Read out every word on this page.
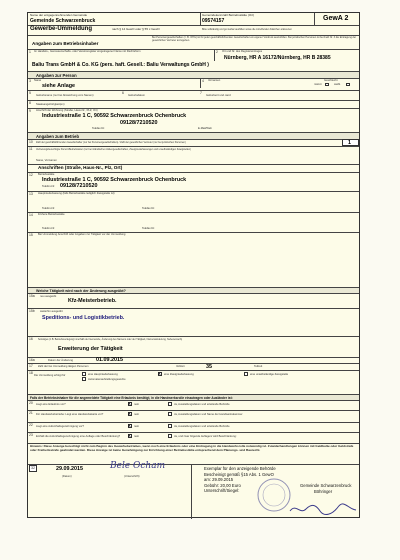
Name der entgegennehmenden Gemeinde
Gemeinde Schwarzenbruck
Gemeindekennzahl Betriebsstätte (Ort)
09574157	GewA 2
Gewerbe-Ummeldung	nach § 14 GewO oder § 55 c GewO	Bitte vollständig und gut lesbar ausfüllen sowie die zutreffenden Kästchen ankreuzen
Angaben zum Betriebsinhaber
Bei Personengesellschaften (z. B. OHG) ist für jeden geschäftsführenden Gesellschafter ein eigener Vordruck auszufüllen. Bei juristischen Personen ist bei Feld Nr. 3 die Eintragung der gesetzlichen Vertreter anzugeben.
1 Im Handels-, Genossenschafts- oder Vereinsregister eingetragener Name mit Rechtsform	2 Ort und Nr. des Registereintrages
Nürnberg, HR A 16172/Nürnberg, HR B 28385
Baliu Trans GmbH & Co. KG (pers. haft. Gesell.: Baliu Verwaltungs GmbH )
Angaben zur Person
3 Name	4 Vornamen	Geschlecht
männl.	weibl.
siehe Anlage
5
Geburtsname (nur bei Abweichung vom Namen)
6
Geburtsdatum
7
Geburtsort und -land
8 Staatsangehörigkeit(en)
9 Anschrift der Wohnung (Straße, Haus-Nr., PLZ, Ort)
Industriestraße 1 C, 90592 Schwarzenbruck Ochenbruck
09128/7210520
Telefax-Nr.	E-Mail/Web
Angaben zum Betrieb
10 Zahl der geschäftsführenden Gesellschafter (nur bei Personengesellschaften) / Zahl der gesetzlichen Vertreter (nur bei juristischen Personen)	1
11 Vertretungsberechtigte Person/Betriebsleiter (nur bei inländischen Aktiengesellschaften, Zweigniederlassungen und unselbständigen Zweigstellen)
Name, Vornamen
Anschriften (Straße, Haus-Nr., Plz, Ort)
12 Betriebsstätte
Industriestraße 1 C, 90592 Schwarzenbruck Ochenbruck
Telefon-Nr. 09128/7210520
13 Hauptniederlassung (falls Betriebsstätte lediglich Zweigstelle ist)
Telefon-Nr.	Telefax-Nr.
14 Frühere Betriebsstätte
Telefon-Nr.	Telefax-Nr.
15 Bei Ummeldung Anschrift oder Angaben zur Tätigkeit vor der Ummeldung
Welche Tätigkeit wird nach der Änderung ausgeübt?
15a neu ausgeübt
Kfz-Meisterbetrieb.
15b weiterhin ausgeübt
Speditions- und Logistikbetrieb.
16 Sonstiges (z.B. Betriebsverlegung innerhalb der Gemeinde, Änderung des Namens oder der Tätigkeit, Namensänderung, Nebenerwerb)
Erweiterung der Tätigkeit
16a	Datum der Änderung	01.09.2015
17 Zahl der bei Ummeldung tätigen Personen	Vollzeit	35	Teilzeit
18
Die Ummeldung erfolgt für	eine Hauptniederlassung	X eine Zweigniederlassung	eine unselbständige Zweigstelle
Automatenaufstellungsgewerbe
Falls der Betriebsinhaber für die angemeldete Tätigkeit eine Erlaubnis benötigt, in die Handwerksrolle einzutragen oder Ausländer ist:
20 Liegt eine Erlaubnis vor?	X nein	Ja, Ausstellungsdatum und erteilende Behörde
21 Für Handwerksbetriebe: Liegt eine Handwerkskarte vor?	X nein	Ja, Ausstellungsdatum und Name der Handwerkskammer
22 Liegt eine Aufenthaltsgenehmigung vor?	X nein	Ja, Ausstellungsdatum und erteilende Behörde
23 Enthält die Aufenthaltsgenehmigung eine Auflage oder Beschränkung? X nein	Ja, und zwar folgende Auflagen/ wird Beschränkung:
Hinweis: Diese Anzeige berechtigt nicht zum Beginn des Gewerbebetriebes, wenn noch eine Erlaubnis oder eine Eintragung in die Handwerksrolle notwendig ist. Zuwiderhandlungen können mit Geldbuße oder Geldstrafe oder Freiheitsstrafe geahndet werden. Diese Anzeige ist keine Genehmigung zur Errichtung einer Betriebsstätte entsprechend dem Planungs- und Baurecht.
32	29.09.2015
(Datum)
Bele Ocham
(Unterschrift)
Exemplar für den anzeigende Behörde
Bescheinigt gemäß §15 Abs. 1 GewO
am: 29.09.2015
Gebühr: 20,00 Euro
Unterschrift/Siegel:
Gemeinde Schwarzenbruck
Böhringer
